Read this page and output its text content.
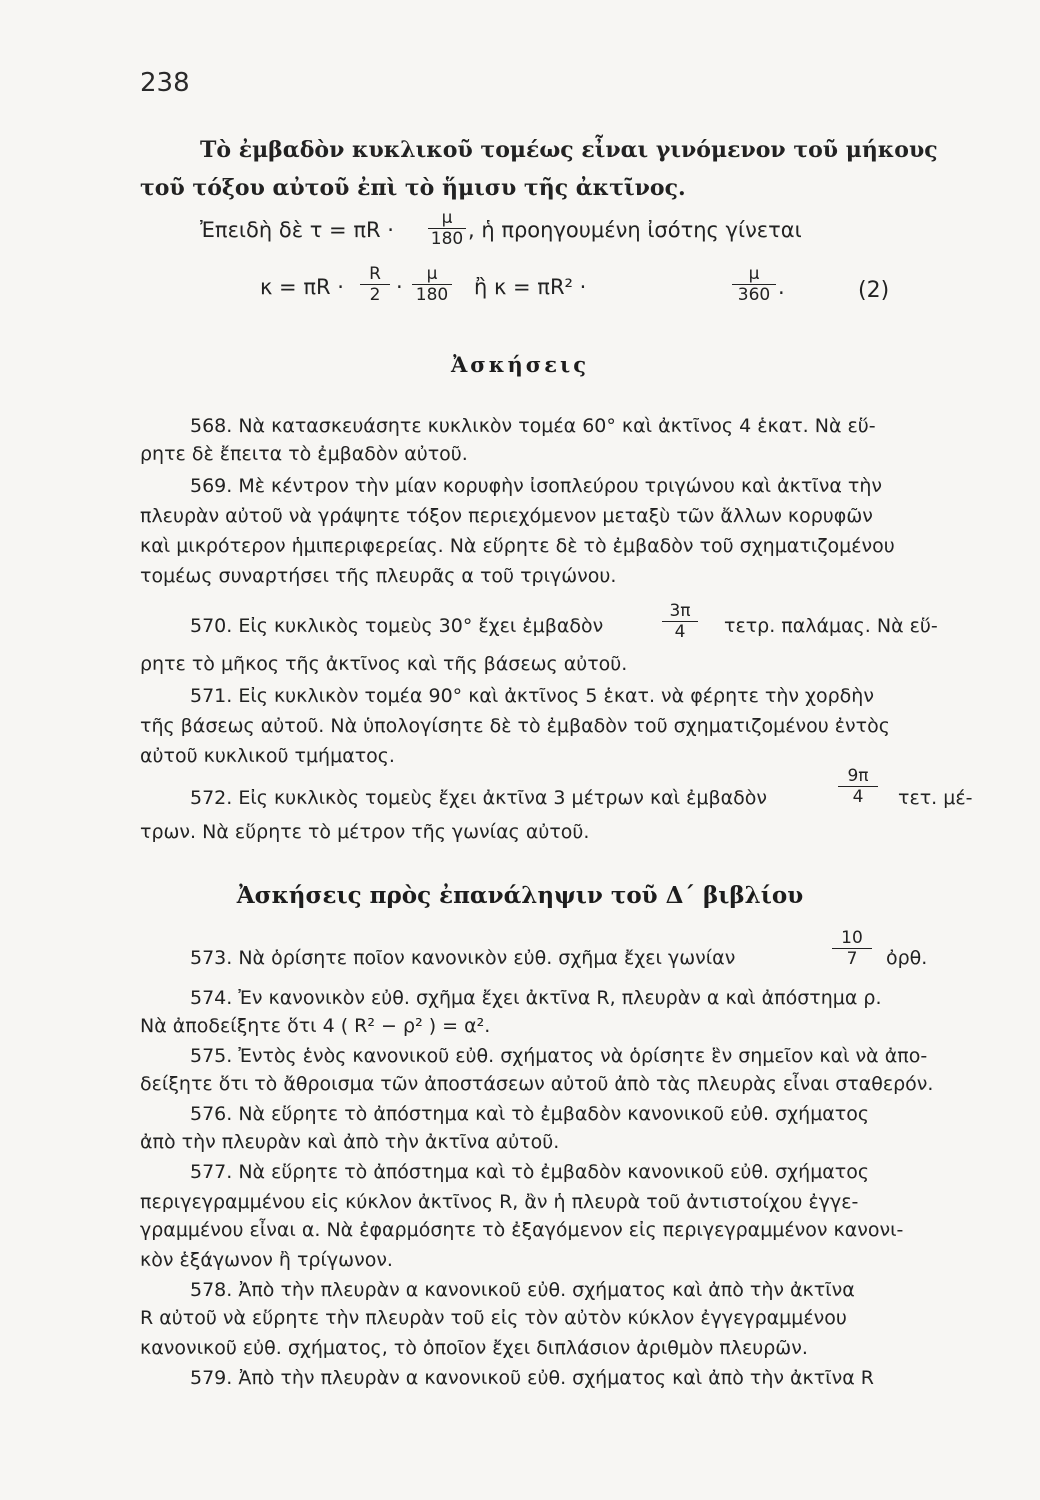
238
Τὸ ἐμβαδὸν κυκλικοῦ τομέως εἶναι γινόμενον τοῦ μήκους
τοῦ τόξου αὐτοῦ ἐπὶ τὸ ἥμισυ τῆς ἀκτῖνος.
Ἐπειδὴ δὲ $\tau = \pi R \cdot \frac{\mu}{180}$ , ἡ προηγουμένη ἰσότης γίνεται
$\kappa = \pi R \cdot \frac{R}{2} \cdot \frac{\mu}{180}$ ἢ κ = πR² ·	$\frac{\mu}{360}$ .	(2)
Ἀσκήσεις
568. Νὰ κατασκευάσητε κυκλικὸν τομέα 60° καὶ ἀκτῖνος 4 ἑκατ. Νὰ εὕ-
ρητε δὲ ἔπειτα τὸ ἐμβαδὸν αὐτοῦ.
569. Μὲ κέντρον τὴν μίαν κορυφὴν ἰσοπλεύρου τριγώνου καὶ ἀκτῖνα τὴν
πλευρὰν αὐτοῦ νὰ γράψητε τόξον περιεχόμενον μεταξὺ τῶν ἄλλων κορυφῶν
καὶ μικρότερον ἡμιπεριφερείας. Νὰ εὕρητε δὲ τὸ ἐμβαδὸν τοῦ σχηματιζομένου
τομέως συναρτήσει τῆς πλευρᾶς α τοῦ τριγώνου.
570. Εἰς κυκλικὸς τομεὺς 30° ἔχει ἐμβαδὸν	$\frac{3\pi}{4} \tau\varepsilon\tau\rho$. παλάμας. Νὰ εὕ-
ρητε τὸ μῆκος τῆς ἀκτῖνος καὶ τῆς βάσεως αὐτοῦ.
571. Εἰς κυκλικὸν τομέα 90° καὶ ἀκτῖνος 5 ἑκατ. νὰ φέρητε τὴν χορδὴν
τῆς βάσεως αὐτοῦ. Νὰ ὑπολογίσητε δὲ τὸ ἐμβαδὸν τοῦ σχηματιζομένου ἐντὸς
αὐτοῦ κυκλικοῦ τμήματος.
572. Εἰς κυκλικὸς τομεὺς ἔχει ἀκτῖνα 3 μέτρων καὶ ἐμβαδὸν	$\frac{9\pi}{4} \tau\varepsilon\tau$. μέ-
τρων. Νὰ εὕρητε τὸ μέτρον τῆς γωνίας αὐτοῦ.
Ἀσκήσεις πρὸς ἐπανάληψιν τοῦ Δ΄ βιβλίου
573. Νὰ ὁρίσητε ποῖον κανονικὸν εὐθ. σχῆμα ἔχει γωνίαν	$\frac{10}{7}$ ὀρθ.
574. Ἐν κανονικὸν εὐθ. σχῆμα ἔχει ἀκτῖνα R, πλευρὰν α καὶ ἀπόστημα ρ.
Νὰ ἀποδείξητε ὅτι 4 ( R² − ρ² ) = α².
575. Ἐντὸς ἑνὸς κανονικοῦ εὐθ. σχήματος νὰ ὁρίσητε ἓν σημεῖον καὶ νὰ ἀπο-
δείξητε ὅτι τὸ ἄθροισμα τῶν ἀποστάσεων αὐτοῦ ἀπὸ τὰς πλευρὰς εἶναι σταθερόν.
576. Νὰ εὕρητε τὸ ἀπόστημα καὶ τὸ ἐμβαδὸν κανονικοῦ εὐθ. σχήματος
ἀπὸ τὴν πλευρὰν καὶ ἀπὸ τὴν ἀκτῖνα αὐτοῦ.
577. Νὰ εὕρητε τὸ ἀπόστημα καὶ τὸ ἐμβαδὸν κανονικοῦ εὐθ. σχήματος
περιγεγραμμένου εἰς κύκλον ἀκτῖνος R, ἂν ἡ πλευρὰ τοῦ ἀντιστοίχου ἐγγε-
γραμμένου εἶναι α. Νὰ ἐφαρμόσητε τὸ ἐξαγόμενον εἰς περιγεγραμμένον κανονι-
κὸν ἑξάγωνον ἢ τρίγωνον.
578. Ἀπὸ τὴν πλευρὰν α κανονικοῦ εὐθ. σχήματος καὶ ἀπὸ τὴν ἀκτῖνα
R αὐτοῦ νὰ εὕρητε τὴν πλευρὰν τοῦ εἰς τὸν αὐτὸν κύκλον ἐγγεγραμμένου
κανονικοῦ εὐθ. σχήματος, τὸ ὁποῖον ἔχει διπλάσιον ἀριθμὸν πλευρῶν.
579. Ἀπὸ τὴν πλευρὰν α κανονικοῦ εὐθ. σχήματος καὶ ἀπὸ τὴν ἀκτῖνα R
